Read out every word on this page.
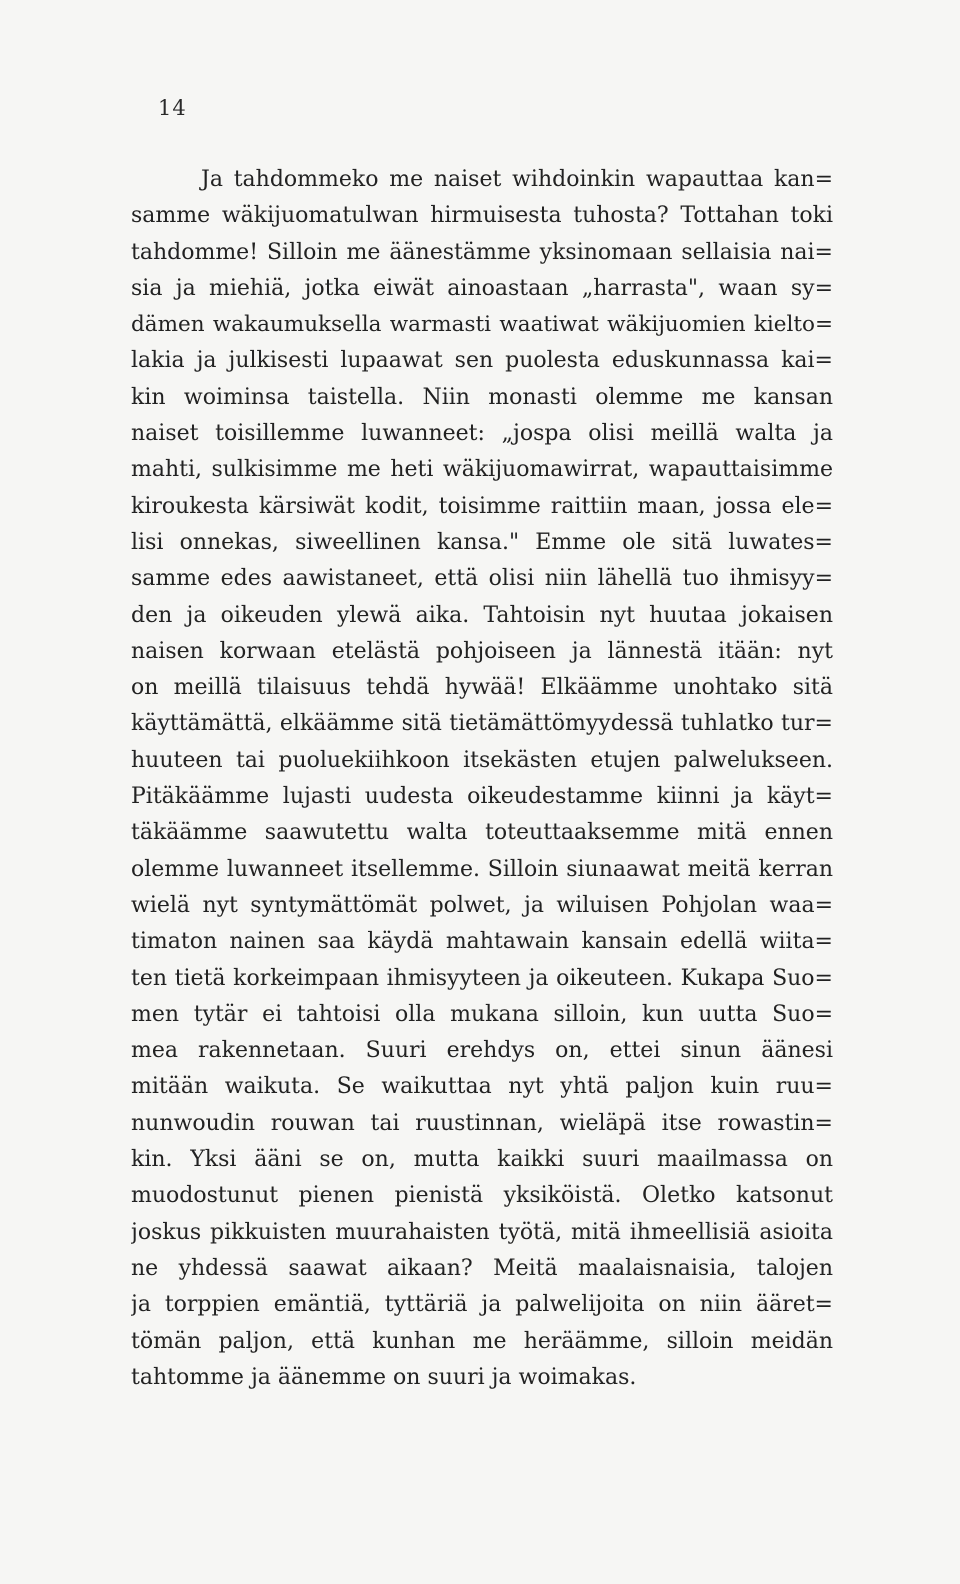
14
Ja tahdommeko me naiset wihdoinkin wapauttaa kan=
samme wäkijuomatulwan hirmuisesta tuhosta? Tottahan toki
tahdomme! Silloin me äänestämme yksinomaan sellaisia nai=
sia ja miehiä, jotka eiwät ainoastaan „harrasta", waan sy=
dämen wakaumuksella warmasti waatiwat wäkijuomien kielto=
lakia ja julkisesti lupaawat sen puolesta eduskunnassa kai=
kin woiminsa taistella. Niin monasti olemme me kansan
naiset toisillemme luwanneet: „jospa olisi meillä walta ja
mahti, sulkisimme me heti wäkijuomawirrat, wapauttaisimme
kiroukesta kärsiwät kodit, toisimme raittiin maan, jossa ele=
lisi onnekas, siweellinen kansa." Emme ole sitä luwates=
samme edes aawistaneet, että olisi niin lähellä tuo ihmisyy=
den ja oikeuden ylewä aika. Tahtoisin nyt huutaa jokaisen
naisen korwaan etelästä pohjoiseen ja lännestä itään: nyt
on meillä tilaisuus tehdä hywää! Elkäämme unohtako sitä
käyttämättä, elkäämme sitä tietämättömyydessä tuhlatko tur=
huuteen tai puoluekiihkoon itsekästen etujen palwelukseen.
Pitäkäämme lujasti uudesta oikeudestamme kiinni ja käyt=
täkäämme saawutettu walta toteuttaaksemme mitä ennen
olemme luwanneet itsellemme. Silloin siunaawat meitä kerran
wielä nyt syntymättömät polwet, ja wiluisen Pohjolan waa=
timaton nainen saa käydä mahtawain kansain edellä wiita=
ten tietä korkeimpaan ihmisyyteen ja oikeuteen. Kukapa Suo=
men tytär ei tahtoisi olla mukana silloin, kun uutta Suo=
mea rakennetaan. Suuri erehdys on, ettei sinun äänesi
mitään waikuta. Se waikuttaa nyt yhtä paljon kuin ruu=
nunwoudin rouwan tai ruustinnan, wieläpä itse rowastin=
kin. Yksi ääni se on, mutta kaikki suuri maailmassa on
muodostunut pienen pienistä yksiköistä. Oletko katsonut
joskus pikkuisten muurahaisten työtä, mitä ihmeellisiä asioita
ne yhdessä saawat aikaan? Meitä maalaisnaisia, talojen
ja torppien emäntiä, tyttäriä ja palwelijoita on niin ääret=
tömän paljon, että kunhan me heräämme, silloin meidän
tahtomme ja äänemme on suuri ja woimakas.
